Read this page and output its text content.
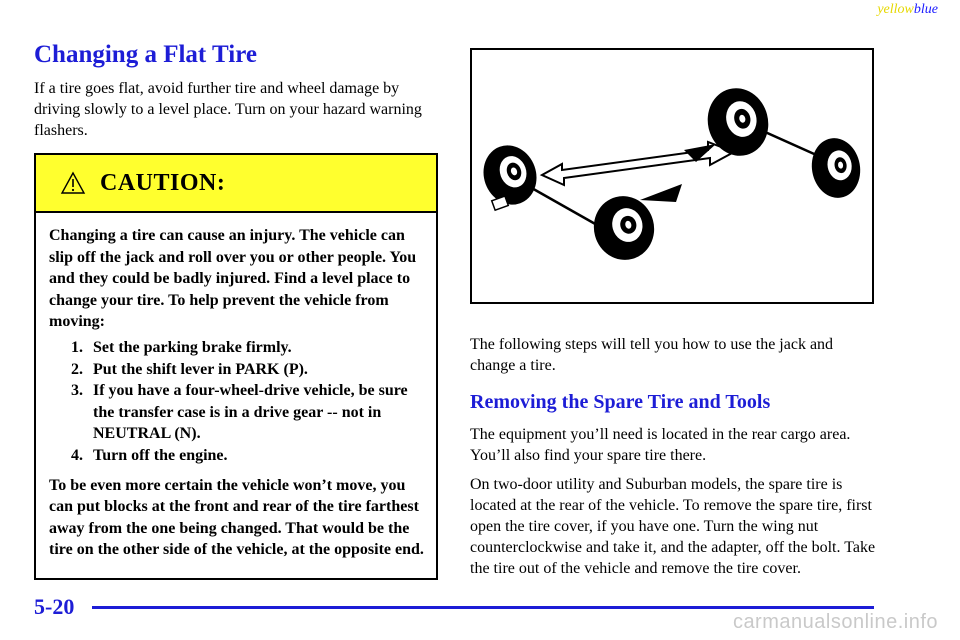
yellowblue
Changing a Flat Tire

If a tire goes flat, avoid further tire and wheel damage by driving slowly to a level place. Turn on your hazard warning flashers.

CAUTION:

Changing a tire can cause an injury. The vehicle can slip off the jack and roll over you or other people. You and they could be badly injured. Find a level place to change your tire. To help prevent the vehicle from moving:

1. Set the parking brake firmly.
2. Put the shift lever in PARK (P).
3. If you have a four-wheel-drive vehicle, be sure the transfer case is in a drive gear -- not in NEUTRAL (N).
4. Turn off the engine.

To be even more certain the vehicle won’t move, you can put blocks at the front and rear of the tire farthest away from the one being changed. That would be the tire on the other side of the vehicle, at the opposite end.

The following steps will tell you how to use the jack and change a tire.

Removing the Spare Tire and Tools

The equipment you’ll need is located in the rear cargo area. You’ll also find your spare tire there.

On two-door utility and Suburban models, the spare tire is located at the rear of the vehicle. To remove the spare tire, first open the tire cover, if you have one. Turn the wing nut counterclockwise and take it, and the adapter, off the bolt. Take the tire out of the vehicle and remove the tire cover.

5-20
carmanualsonline.info
